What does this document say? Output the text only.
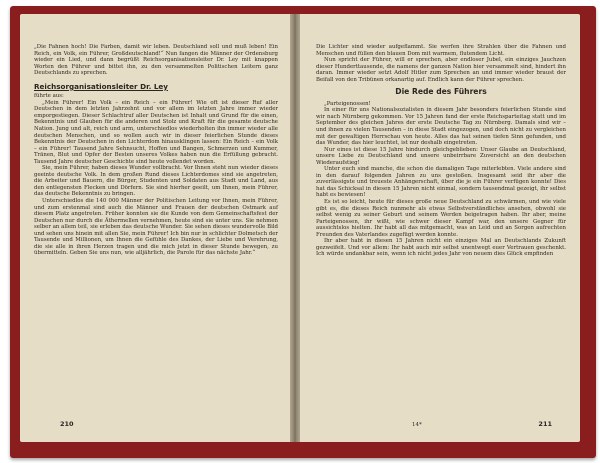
„Die Fahnen hoch! Die Farben, damit wir leben. Deutschland soll und muß leben! Ein Reich, ein Volk, ein Führer, Großdeutschland!“ Nun fangen die Männer der Ordensburg wieder ein Lied, und dann begrüßt Reichsorganisationsleiter Dr. Ley mit knappen Worten den Führer und bittet ihn, zu den versammelten Politischen Leitern ganz Deutschlands zu sprechen.

Reichsorganisationsleiter Dr. Ley

führte aus:

„Mein Führer! Ein Volk – ein Reich – ein Führer! Wie oft ist dieser Ruf aller Deutschen in dem letzten Jahrzehnt und vor allem im letzten Jahre immer wieder emporgestiegen. Dieser Schlachtruf aller Deutschen ist Inhalt und Grund für die einen, Bekenntnis und Glauben für die anderen und Stolz und Kraft für die gesamte deutsche Nation. Jung und alt, reich und arm, unterschiedlos wiederholten ihn immer wieder alle deutschen Menschen, und so wollen auch wir in dieser feierlichen Stunde dieses Bekenntnis der Deutschen in den Lichterdom hinausklingen lassen: Ein Reich – ein Volk – ein Führer! Tausend Jahre Sehnsucht, Hoffen und Bangen, Schmerzen und Kummer, Tränen, Blut und Opfer der Besten unseres Volkes haben nun die Erfüllung gebracht. Tausend Jahre deutscher Geschichte sind heute vollendet worden.

Sie, mein Führer, haben dieses Wunder vollbracht. Vor Ihnen steht nun wieder dieses geeinte deutsche Volk. In dem großen Rund dieses Lichterdomes sind sie angetreten, die Arbeiter und Bauern, die Bürger, Studenten und Soldaten aus Stadt und Land, aus den entlegensten Flecken und Dörfern. Sie sind hierher geeilt, um Ihnen, mein Führer, das deutsche Bekenntnis zu bringen.

Unterschiedlos die 140 000 Männer der Politischen Leitung vor Ihnen, mein Führer, und zum erstenmal sind auch die Männer und Frauen der deutschen Ostmark auf diesem Platz angetreten. Früher konnten sie die Kunde von dem Gemeinschaftsfest der Deutschen nur durch die Äthermellen vernehmen, heute sind sie unter uns. Sie nehmen selber an allem teil, sie erleben das deutsche Wunder. Sie sehen dieses wundervolle Bild und sehen uns hinein mit allen Sie, mein Führer! Ich bin nur in schlichter Dolmetsch der Tausende und Millionen, um Ihnen die Gefühle des Dankes, der Liebe und Verehrung, die sie alle in ihren Herzen tragen und die mich jetzt in dieser Stunde bewegen, zu übermitteln. Geben Sie uns nun, wie alljährlich, die Parole für das nächste Jahr.“

210

Die Lichter sind wieder aufgeflammt. Sie werfen ihre Strahlen über die Fahnen und Menschen und füllen den blauen Dom mit warmem, flutendem Licht.

Nun spricht der Führer, will er sprechen, aber endloser Jubel, ein einziges Jauchzen dieser Hunderttausende, die namens der ganzen Nation hier versammelt sind, hindert ihn daran. Immer wieder setzt Adolf Hitler zum Sprechen an und immer wieder braust der Beifall von den Tribünen orkanartig auf. Endlich kann der Führer sprechen.

Die Rede des Führers

„Parteigenossen!

In einer für uns Nationalsozialisten in diesem Jahr besonders feierlichen Stunde sind wir nach Nürnberg gekommen. Vor 15 Jahren fand der erste Reichsparteitag statt und im September des gleichen Jahres der erste Deutsche Tag zu Nürnberg. Damals sind wir – und ihnen zu vielen Tausenden – in diese Stadt eingezogen, und doch nicht zu vergleichen mit der gewaltigen Herrschau von heute. Alles das hat seinen tiefen Sinn gefunden, und das Wunder, das hier leuchtet, ist nur deshalb eingetreten.

Nur eines ist diese 15 Jahre hindurch gleichgeblieben: Unser Glaube an Deutschland, unsere Liebe zu Deutschland und unsere unbeirrbare Zuversicht an den deutschen Wiederaufstieg!

Unter euch sind manche, die schon die damaligen Tage miterlebten. Viele andere sind in den darauf folgenden Jahren zu uns gestoßen. Insgesamt seid ihr aber die zuverlässigste und treueste Anhängerschaft, über die je ein Führer verfügen konnte! Dies hat das Schicksal in diesen 15 Jahren nicht einmal, sondern tausendmal gezeigt, ihr selbst habt es bewiesen!

Es ist so leicht, heute für dieses große neue Deutschland zu schwärmen, und wie viele gibt es, die dieses Reich nunmehr als etwas Selbstverständliches ansehen, obwohl sie selbst wenig zu seiner Geburt und seinem Werden beigetragen haben. Ihr aber, meine Parteigenossen, ihr wißt, wie schwer dieser Kampf war, den unsere Gegner für aussichtslos hielten. Ihr habt all das mitgemacht, was an Leid und an Sorgen aufrechten Freunden des Vaterlandes zugefügt werden konnte.

Ihr aber habt in diesen 15 Jahren nicht ein einziges Mal an Deutschlands Zukunft gezweifelt. Und vor allem: Ihr habt auch mir selbst unentwegt euer Vertrauen geschenkt. Ich würde undankbar sein, wenn ich nicht jedes Jahr von neuem dies Glück empfinden

14*	211
